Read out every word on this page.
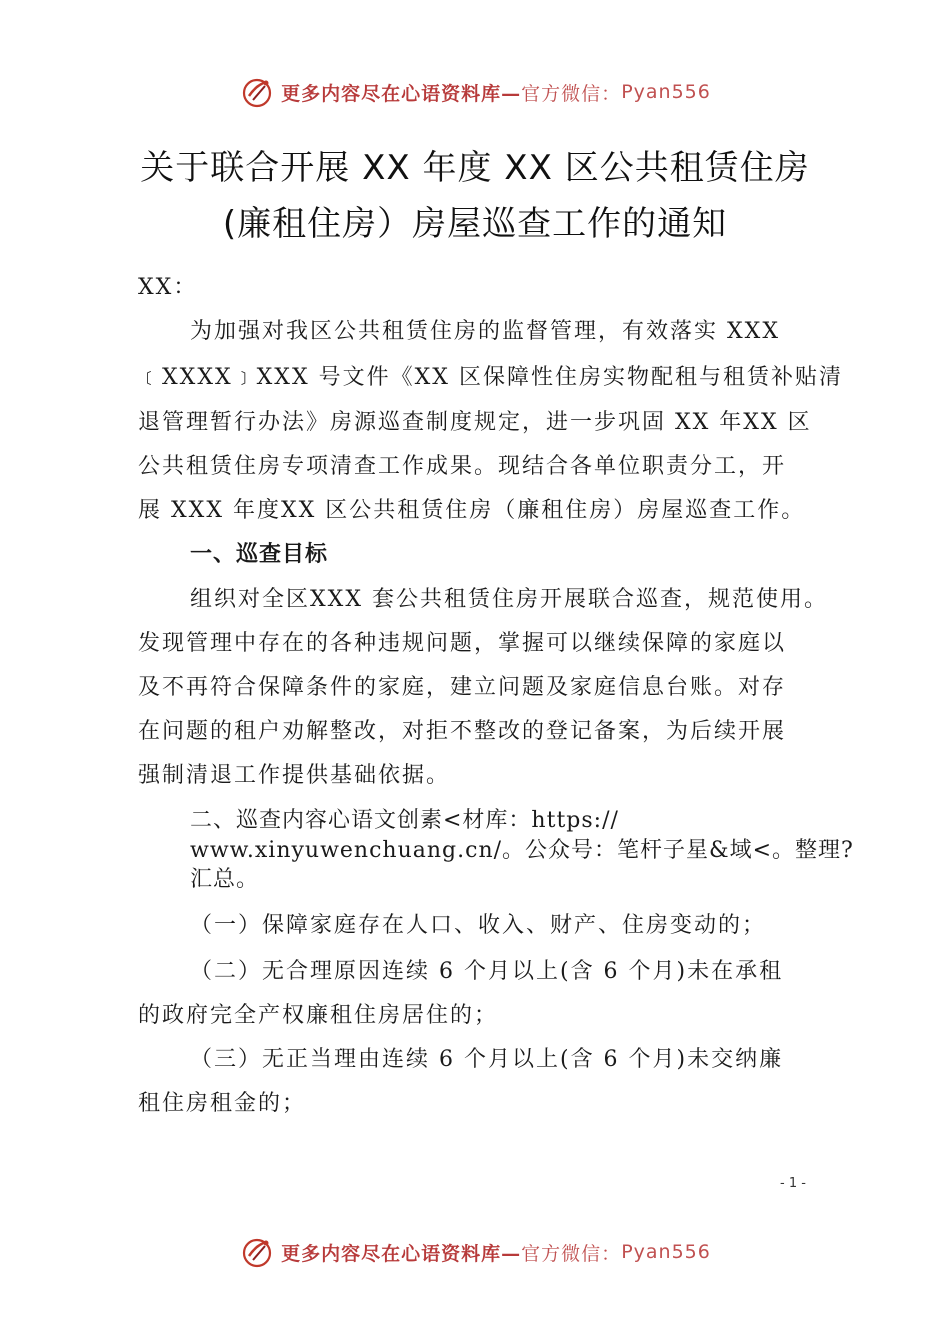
更多内容尽在心语资料库— 官方微信： Pyan556
关于联合开展 XX 年度 XX 区公共租赁住房
(廉租住房）房屋巡查工作的通知
XX：
为加强对我区公共租赁住房的监督管理，有效落实 XXX
﹝XXXX﹞XXX 号文件《XX 区保障性住房实物配租与租赁补贴清
退管理暂行办法》房源巡查制度规定，进一步巩固 XX 年XX 区
公共租赁住房专项清查工作成果。现结合各单位职责分工，开
展 XXX 年度XX 区公共租赁住房（廉租住房）房屋巡查工作。
一、巡查目标
组织对全区XXX 套公共租赁住房开展联合巡查，规范使用。
发现管理中存在的各种违规问题，掌握可以继续保障的家庭以
及不再符合保障条件的家庭，建立问题及家庭信息台账。对存
在问题的租户劝解整改，对拒不整改的登记备案，为后续开展
强制清退工作提供基础依据。
二、巡查内容心语文创素<材库：https://
www.xinyuwenchuang.cn/。公众号：笔杆子星&域<。整理?
汇总。
（一）保障家庭存在人口、收入、财产、住房变动的；
（二）无合理原因连续 6 个月以上(含 6 个月)未在承租
的政府完全产权廉租住房居住的；
（三）无正当理由连续 6 个月以上(含 6 个月)未交纳廉
租住房租金的；
- 1 -
更多内容尽在心语资料库— 官方微信： Pyan556
